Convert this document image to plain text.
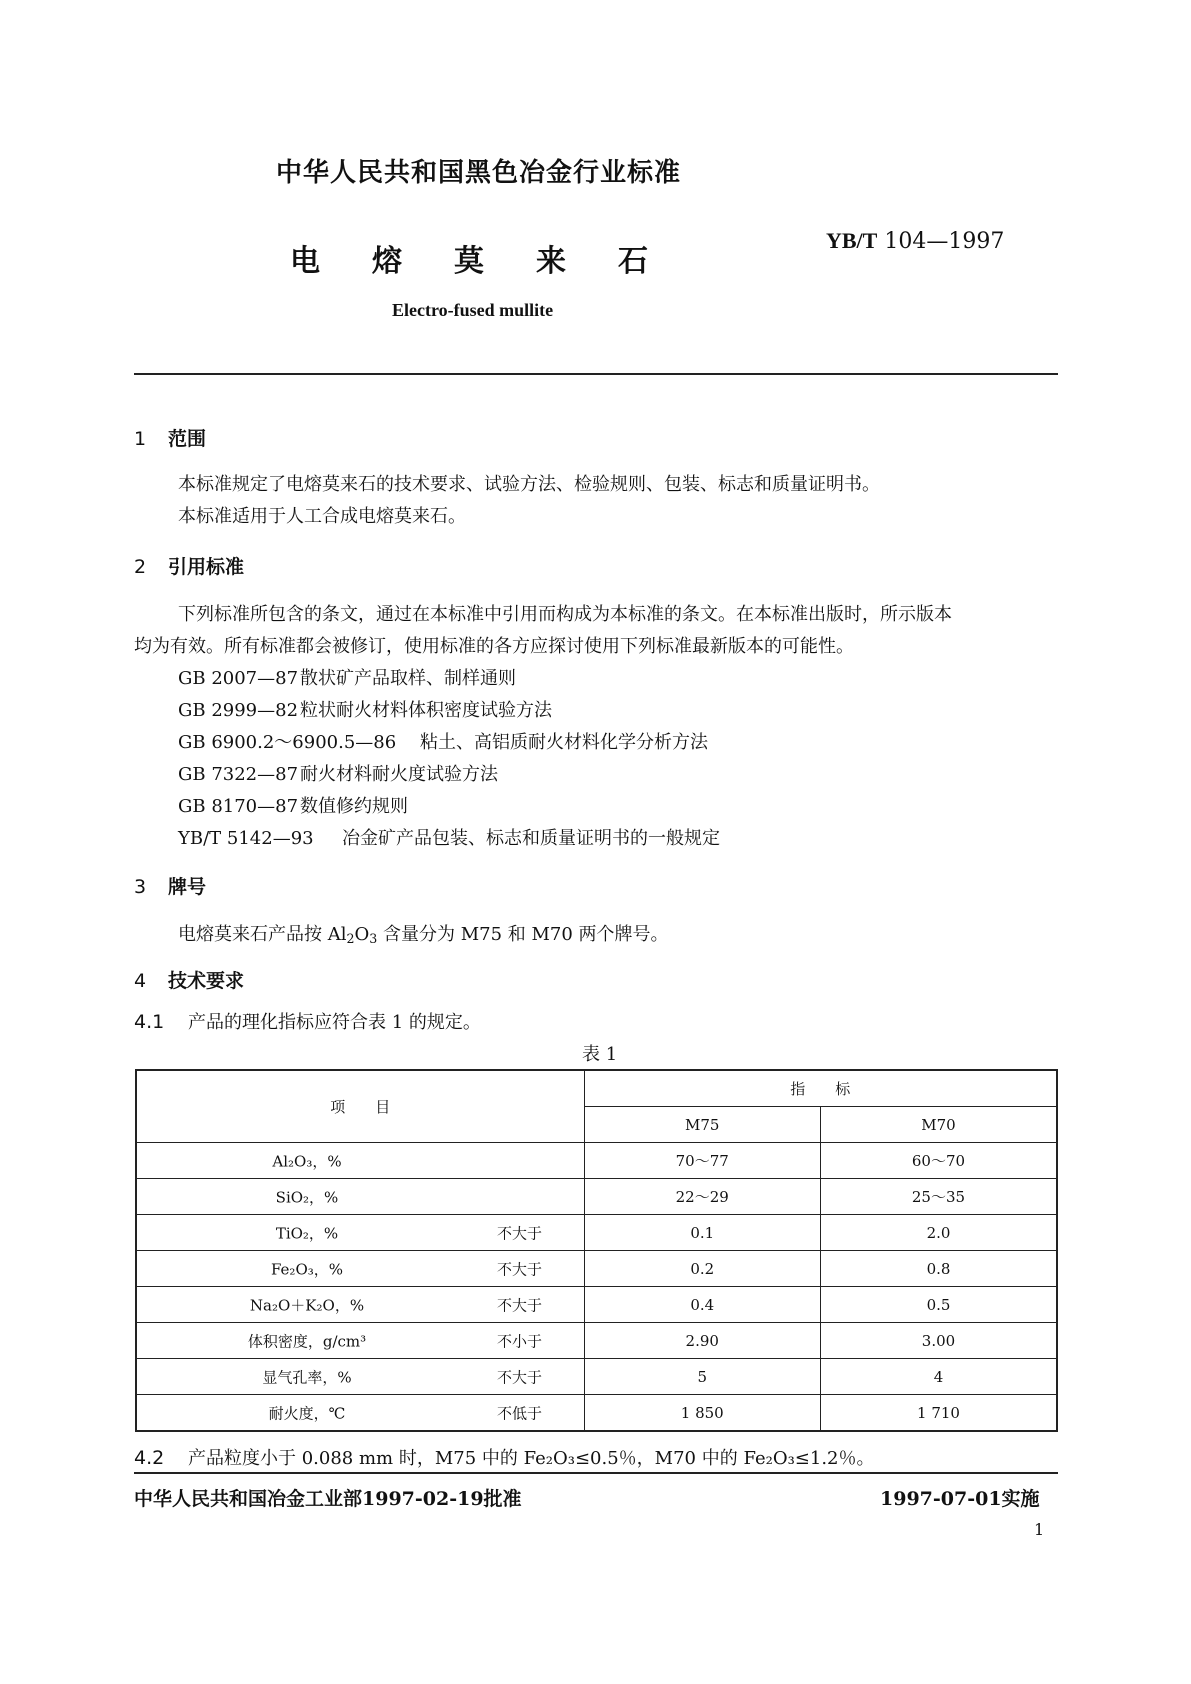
中华人民共和国黑色冶金行业标准
电 熔 莫 来 石
YB/T 104—1997
Electro-fused mullite
1 范围
本标准规定了电熔莫来石的技术要求、试验方法、检验规则、包装、标志和质量证明书。
本标准适用于人工合成电熔莫来石。
2 引用标准
下列标准所包含的条文，通过在本标准中引用而构成为本标准的条文。在本标准出版时，所示版本
均为有效。所有标准都会被修订，使用标准的各方应探讨使用下列标准最新版本的可能性。
GB 2007—87 散状矿产品取样、制样通则
GB 2999—82 粒状耐火材料体积密度试验方法
GB 6900.2～6900.5—86 粘土、高铝质耐火材料化学分析方法
GB 7322—87 耐火材料耐火度试验方法
GB 8170—87 数值修约规则
YB/T 5142—93 冶金矿产品包装、标志和质量证明书的一般规定
3 牌号
电熔莫来石产品按 $Al_2O_3$ 含量分为 M75 和 M70 两个牌号。
4 技术要求
4.1 产品的理化指标应符合表 1 的规定。
表 1
项　　目	指　　标	
	M75	M70

Al₂O₃，%	70～77	60～70

SiO₂，%	22～29	25～35

TiO₂，% 不大于	0.1	2.0

Fe₂O₃，% 不大于	0.2	0.8

Na₂O＋K₂O，% 不大于	0.4	0.5

体积密度，g/cm³ 不小于	2.90	3.00

显气孔率，% 不大于	5	4

耐火度，℃ 不低于	1 850	1 710
4.2 产品粒度小于 0.088 mm 时，M75 中的 Fe₂O₃≤0.5％，M70 中的 Fe₂O₃≤1.2％。
中华人民共和国冶金工业部1997-02-19批准	1997-07-01实施
1
